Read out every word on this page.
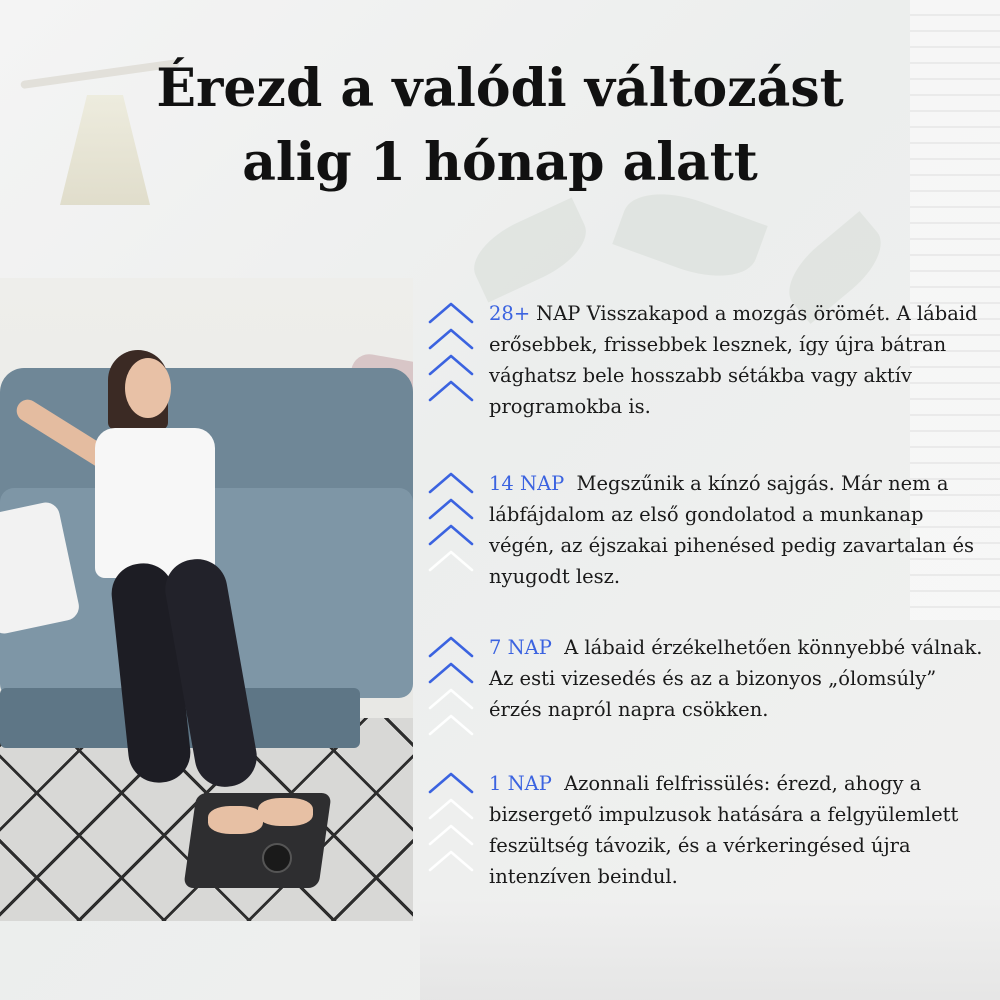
Érezd a valódi változást
alig 1 hónap alatt
28+ NAP Visszakapod a mozgás örömét. A lábaid erősebbek, frissebbek lesznek, így újra bátran vághatsz bele hosszabb sétákba vagy aktív programokba is.
14 NAP Megszűnik a kínzó sajgás. Már nem a lábfájdalom az első gondolatod a munkanap végén, az éjszakai pihenésed pedig zavartalan és nyugodt lesz.
7 NAP A lábaid érzékelhetően könnyebbé válnak. Az esti vizesedés és az a bizonyos „ólomsúly” érzés napról napra csökken.
1 NAP Azonnali felfrissülés: érezd, ahogy a bizsergető impulzusok hatására a felgyülemlett feszültség távozik, és a vérkeringésed újra intenzíven beindul.
